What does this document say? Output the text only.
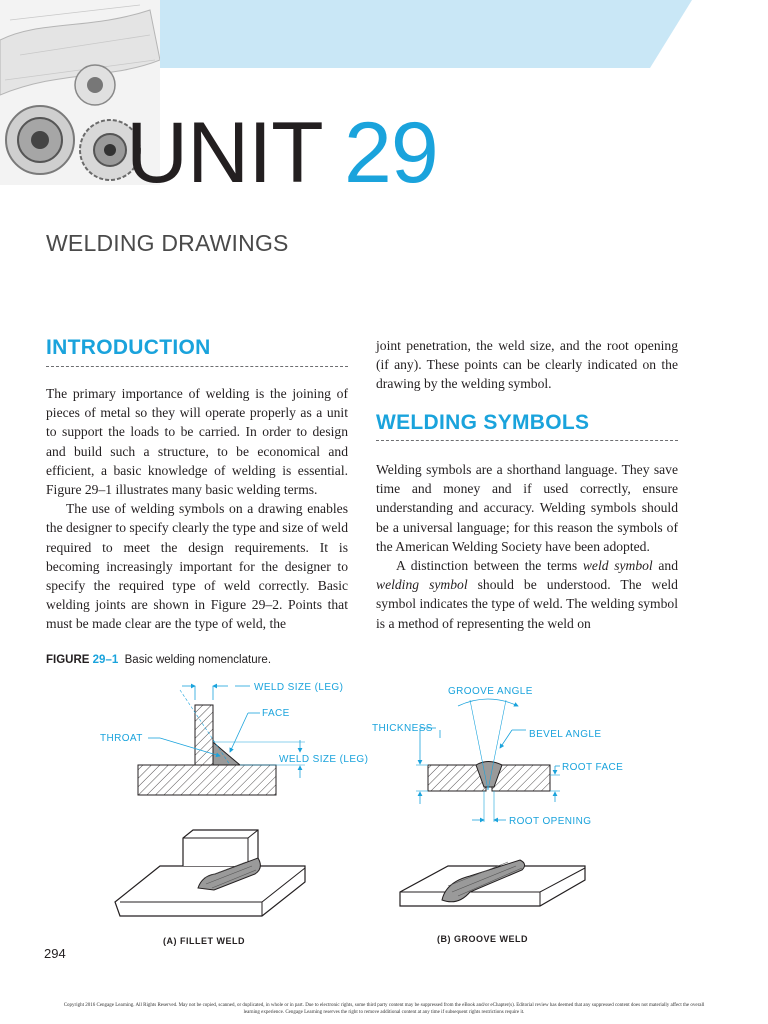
UNIT 29
WELDING DRAWINGS
INTRODUCTION

The primary importance of welding is the joining of pieces of metal so they will operate properly as a unit to support the loads to be carried. In order to design and build such a structure, to be economical and efficient, a basic knowledge of welding is essential. Figure 29–1 illustrates many basic welding terms.

The use of welding symbols on a drawing enables the designer to specify clearly the type and size of weld required to meet the design requirements. It is becoming increasingly important for the designer to specify the required type of weld correctly. Basic welding joints are shown in Figure 29–2. Points that must be made clear are the type of weld, the

joint penetration, the weld size, and the root opening (if any). These points can be clearly indicated on the drawing by the welding symbol.

WELDING SYMBOLS

Welding symbols are a shorthand language. They save time and money and if used correctly, ensure understanding and accuracy. Welding symbols should be a universal language; for this reason the symbols of the American Welding Society have been adopted.

A distinction between the terms weld symbol and welding symbol should be understood. The weld symbol indicates the type of weld. The welding symbol is a method of representing the weld on

FIGURE 29–1 Basic welding nomenclature.
WELD SIZE (LEG)
FACE
THROAT
WELD SIZE (LEG)
GROOVE ANGLE
THICKNESS
BEVEL ANGLE
ROOT FACE
ROOT OPENING
(A) FILLET WELD	(B) GROOVE WELD
294
Copyright 2016 Cengage Learning. All Rights Reserved. May not be copied, scanned, or duplicated, in whole or in part. Due to electronic rights, some third party content may be suppressed from the eBook and/or eChapter(s). Editorial review has deemed that any suppressed content does not materially affect the overall learning experience. Cengage Learning reserves the right to remove additional content at any time if subsequent rights restrictions require it.
